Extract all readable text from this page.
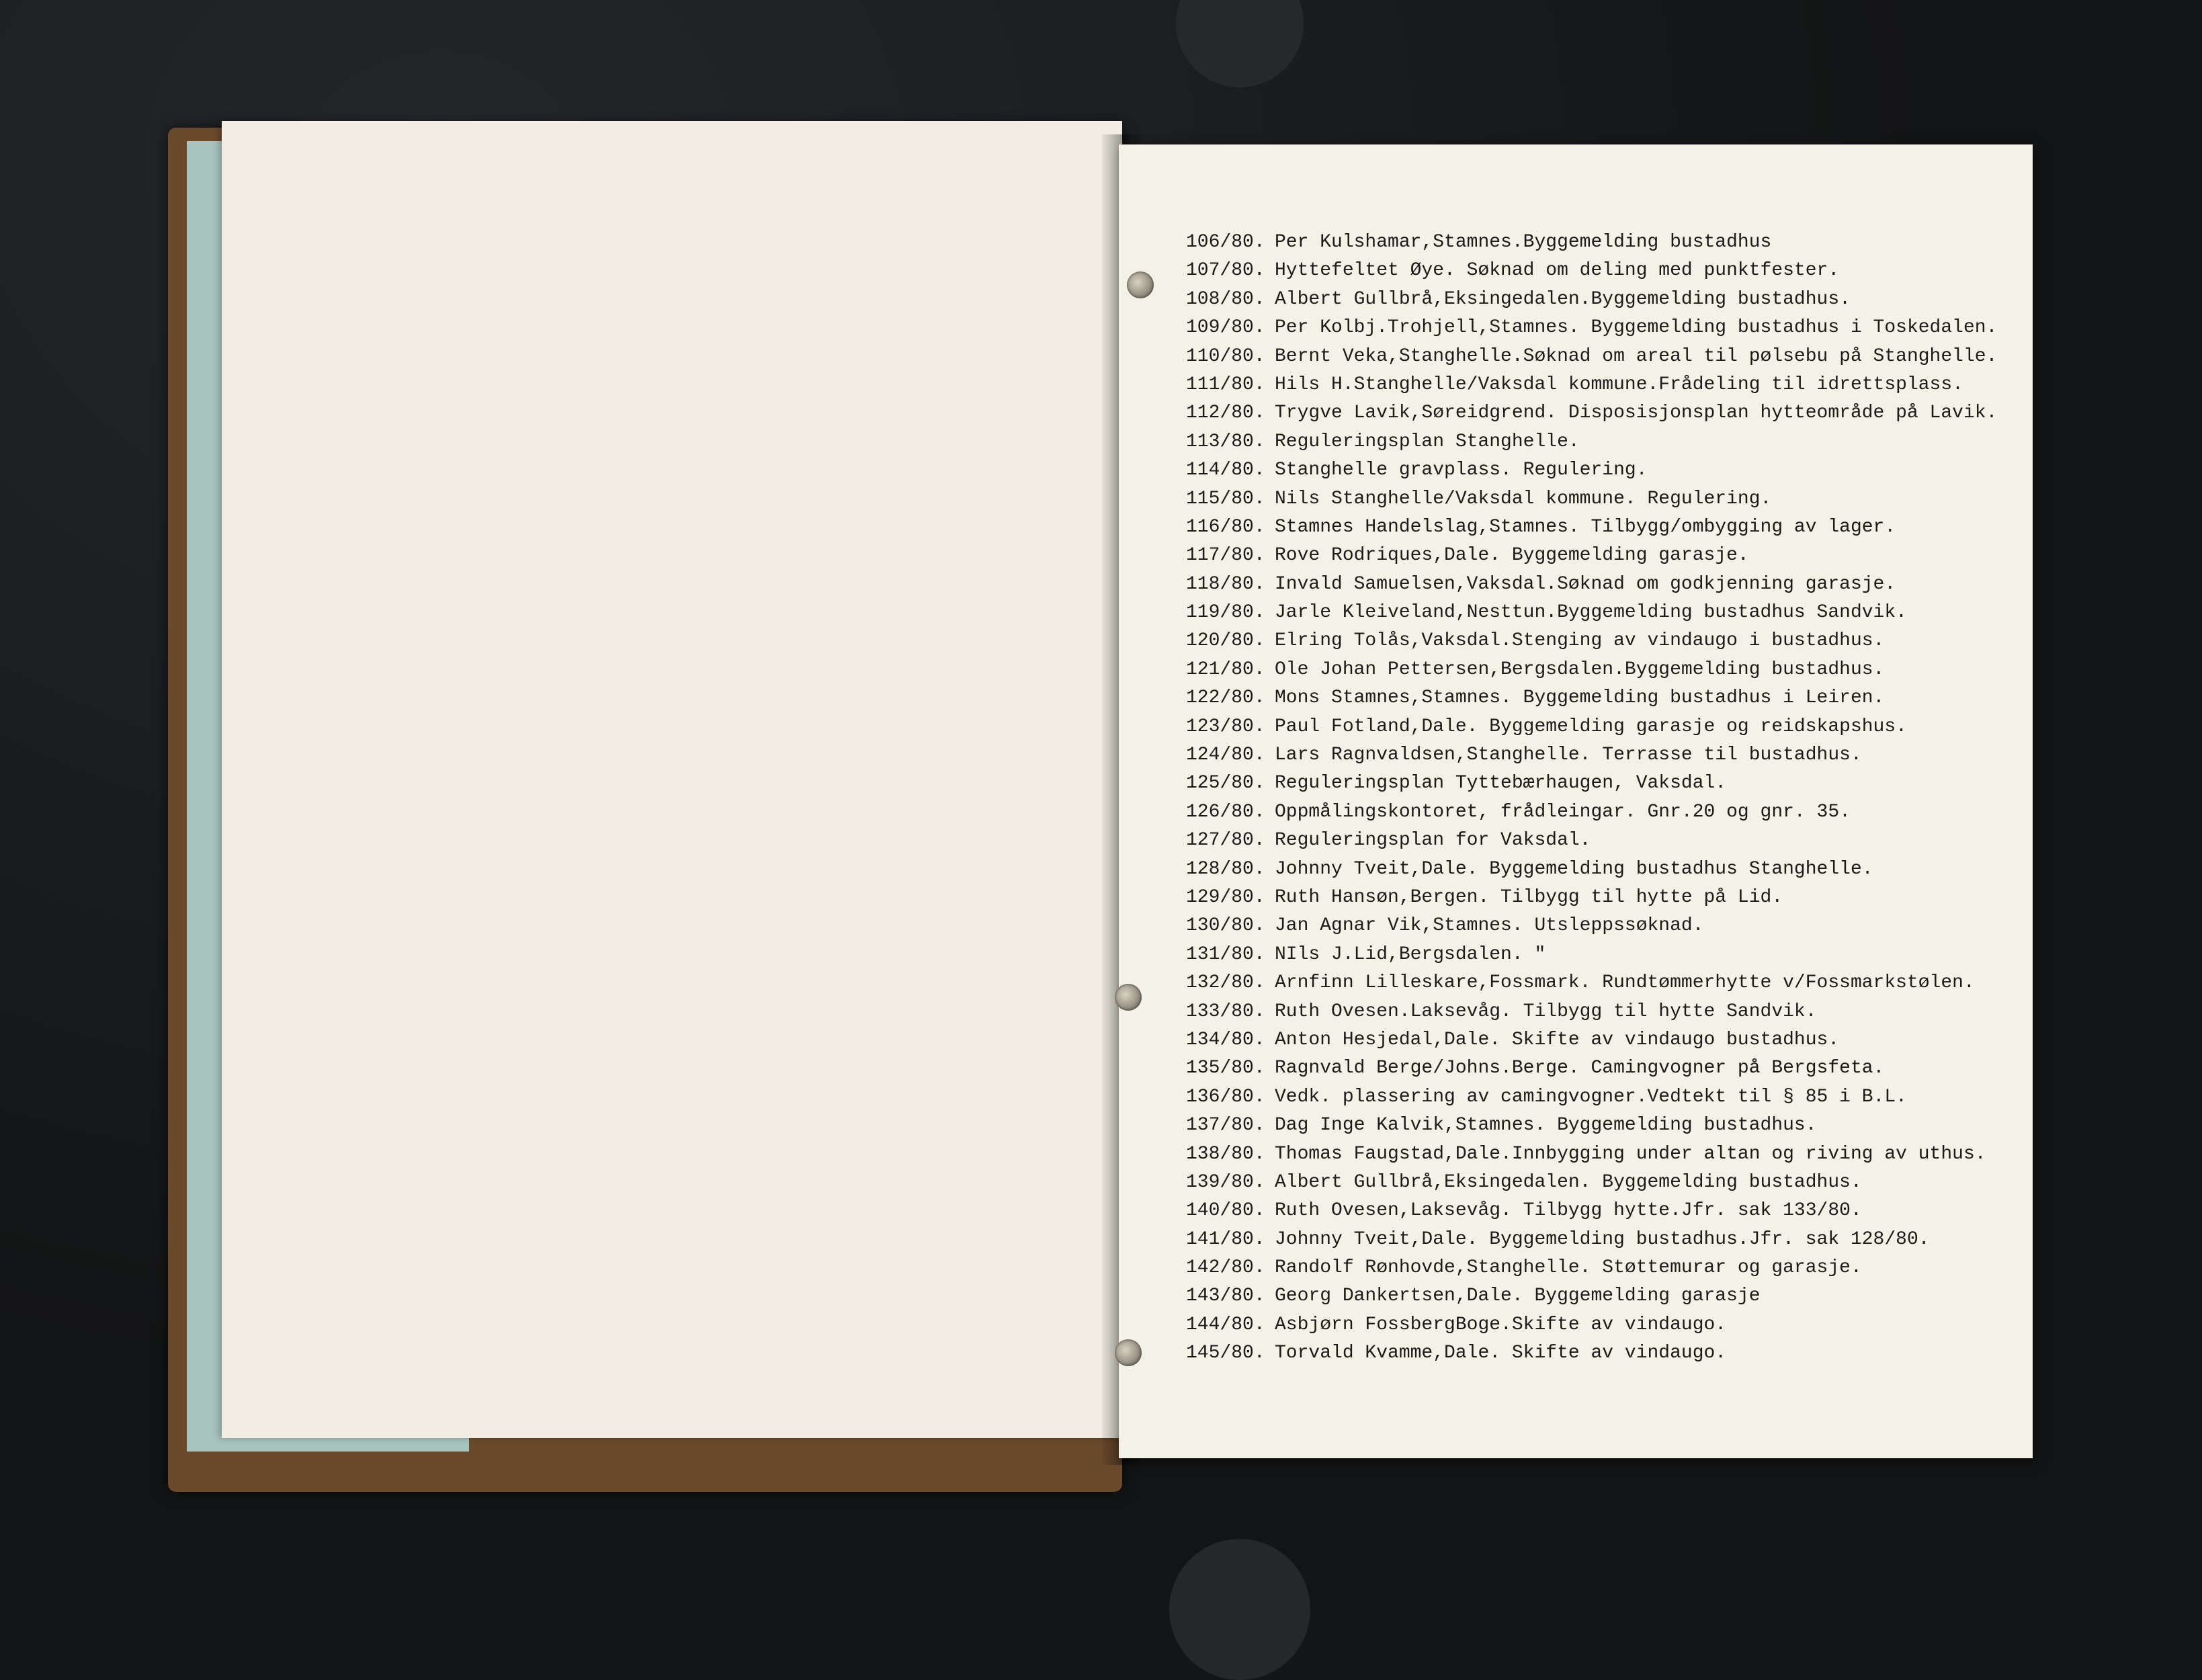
106/80. Per Kulshamar,Stamnes.Byggemelding bustadhus
107/80. Hyttefeltet Øye. Søknad om deling med punktfester.
108/80. Albert Gullbrå,Eksingedalen.Byggemelding bustadhus.
109/80. Per Kolbj.Trohjell,Stamnes. Byggemelding bustadhus i Toskedalen.
110/80. Bernt Veka,Stanghelle.Søknad om areal til pølsebu på Stanghelle.
111/80. Hils H.Stanghelle/Vaksdal kommune.Frådeling til idrettsplass.
112/80. Trygve Lavik,Søreidgrend. Disposisjonsplan hytteområde på Lavik.
113/80. Reguleringsplan Stanghelle.
114/80. Stanghelle gravplass. Regulering.
115/80. Nils Stanghelle/Vaksdal kommune. Regulering.
116/80. Stamnes Handelslag,Stamnes. Tilbygg/ombygging av lager.
117/80. Rove Rodriques,Dale. Byggemelding garasje.
118/80. Invald Samuelsen,Vaksdal.Søknad om godkjenning garasje.
119/80. Jarle Kleiveland,Nesttun.Byggemelding bustadhus Sandvik.
120/80. Elring Tolås,Vaksdal.Stenging av vindaugo i bustadhus.
121/80. Ole Johan Pettersen,Bergsdalen.Byggemelding bustadhus.
122/80. Mons Stamnes,Stamnes. Byggemelding bustadhus i Leiren.
123/80. Paul Fotland,Dale. Byggemelding garasje og reidskapshus.
124/80. Lars Ragnvaldsen,Stanghelle. Terrasse til bustadhus.
125/80. Reguleringsplan Tyttebærhaugen, Vaksdal.
126/80. Oppmålingskontoret, frådleingar. Gnr.20 og gnr. 35.
127/80. Reguleringsplan for Vaksdal.
128/80. Johnny Tveit,Dale. Byggemelding bustadhus Stanghelle.
129/80. Ruth Hansøn,Bergen. Tilbygg til hytte på Lid.
130/80. Jan Agnar Vik,Stamnes. Utsleppssøknad.
131/80. NIls J.Lid,Bergsdalen. "
132/80. Arnfinn Lilleskare,Fossmark. Rundtømmerhytte v/Fossmarkstølen.
133/80. Ruth Ovesen.Laksevåg. Tilbygg til hytte Sandvik.
134/80. Anton Hesjedal,Dale. Skifte av vindaugo bustadhus.
135/80. Ragnvald Berge/Johns.Berge. Camingvogner på Bergsfeta.
136/80. Vedk. plassering av camingvogner.Vedtekt til § 85 i B.L.
137/80. Dag Inge Kalvik,Stamnes. Byggemelding bustadhus.
138/80. Thomas Faugstad,Dale.Innbygging under altan og riving av uthus.
139/80. Albert Gullbrå,Eksingedalen. Byggemelding bustadhus.
140/80. Ruth Ovesen,Laksevåg. Tilbygg hytte.Jfr. sak 133/80.
141/80. Johnny Tveit,Dale. Byggemelding bustadhus.Jfr. sak 128/80.
142/80. Randolf Rønhovde,Stanghelle. Støttemurar og garasje.
143/80. Georg Dankertsen,Dale. Byggemelding garasje
144/80. Asbjørn FossbergBoge.Skifte av vindaugo.
145/80. Torvald Kvamme,Dale. Skifte av vindaugo.
